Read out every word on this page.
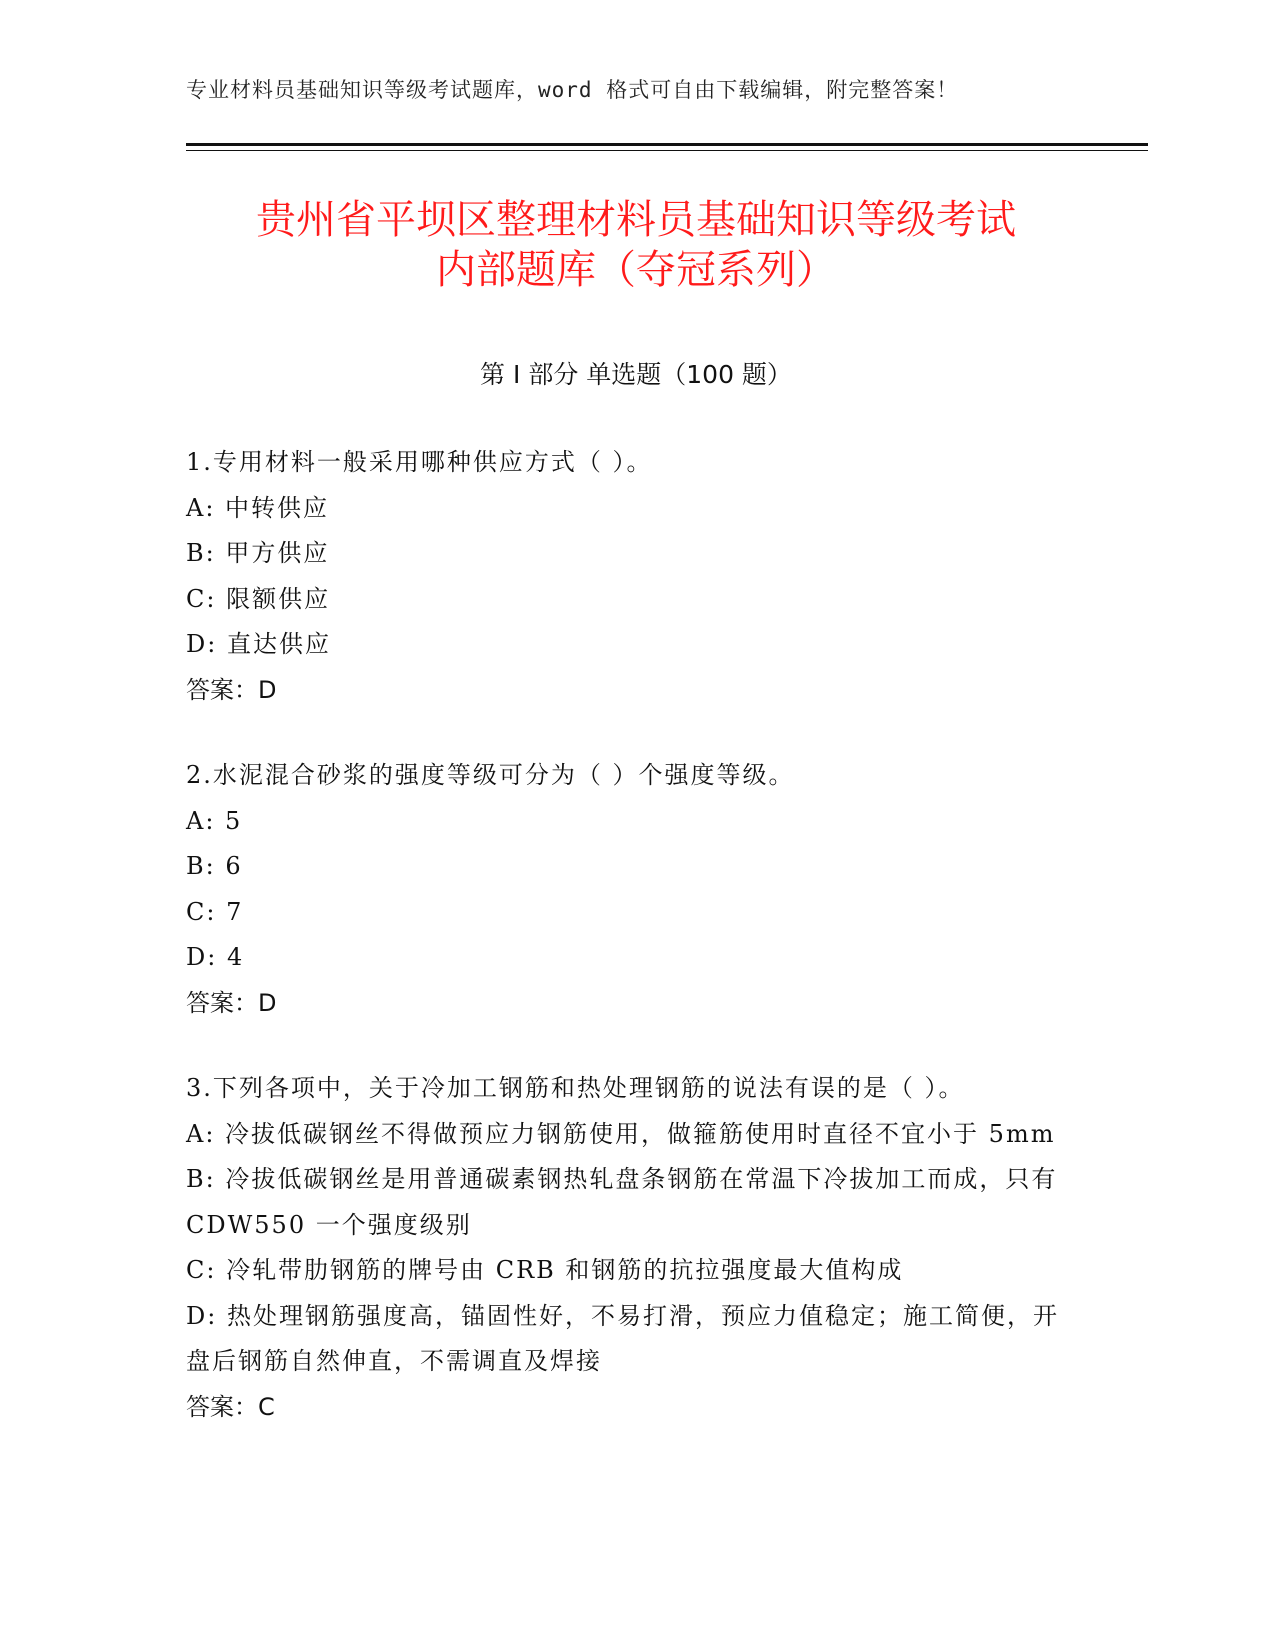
专业材料员基础知识等级考试题库，word 格式可自由下载编辑，附完整答案！
贵州省平坝区整理材料员基础知识等级考试
内部题库（夺冠系列）
第 I 部分 单选题（100 题）
1.专用材料一般采用哪种供应方式（ ）。
A: 中转供应
B: 甲方供应
C: 限额供应
D: 直达供应
答案：D
2.水泥混合砂浆的强度等级可分为（ ）个强度等级。
A: 5
B: 6
C: 7
D: 4
答案：D
3.下列各项中，关于冷加工钢筋和热处理钢筋的说法有误的是（ ）。
A: 冷拔低碳钢丝不得做预应力钢筋使用，做箍筋使用时直径不宜小于 5mm
B: 冷拔低碳钢丝是用普通碳素钢热轧盘条钢筋在常温下冷拔加工而成，只有 CDW550 一个强度级别
C: 冷轧带肋钢筋的牌号由 CRB 和钢筋的抗拉强度最大值构成
D: 热处理钢筋强度高，锚固性好，不易打滑，预应力值稳定；施工简便，开盘后钢筋自然伸直，不需调直及焊接
答案：C
